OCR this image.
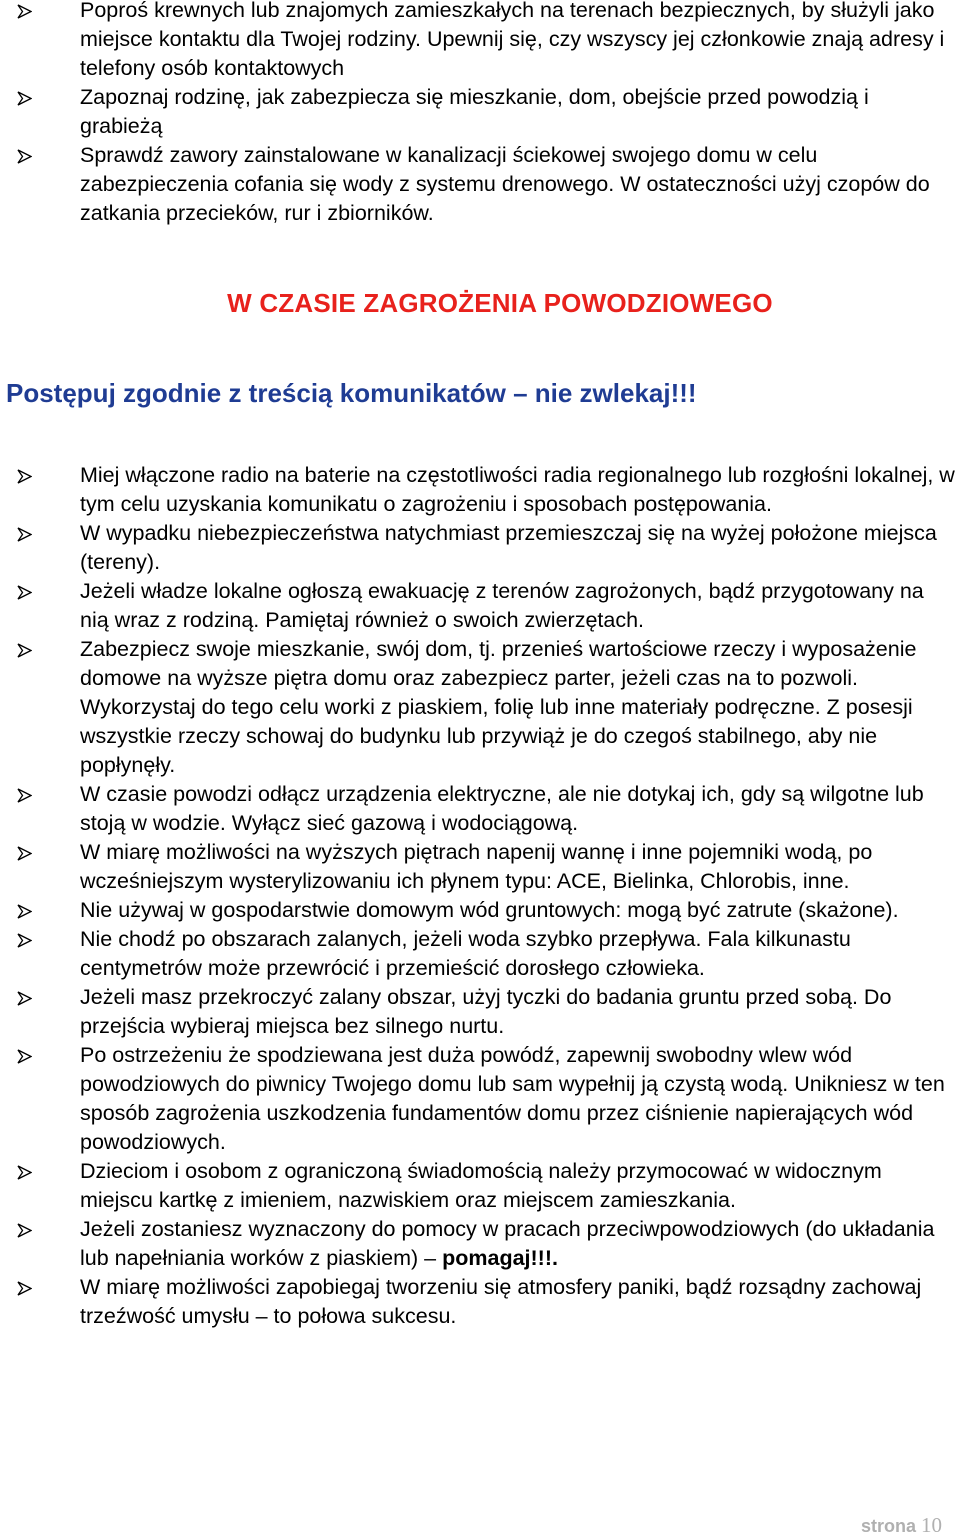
Poproś krewnych lub znajomych zamieszkałych na terenach bezpiecznych, by służyli jako miejsce kontaktu dla Twojej rodziny. Upewnij się, czy wszyscy jej członkowie znają adresy i telefony osób kontaktowych
Zapoznaj rodzinę, jak zabezpiecza się mieszkanie, dom, obejście przed powodzią i grabieżą
Sprawdź zawory zainstalowane w kanalizacji ściekowej swojego domu w celu zabezpieczenia cofania się wody z systemu drenowego. W ostateczności użyj czopów do zatkania przecieków, rur i zbiorników.
W CZASIE ZAGROŻENIA POWODZIOWEGO
Postępuj zgodnie z treścią komunikatów – nie zwlekaj!!!
Miej włączone radio na baterie na częstotliwości radia regionalnego lub rozgłośni lokalnej, w tym celu uzyskania komunikatu o zagrożeniu i sposobach postępowania.
W wypadku niebezpieczeństwa natychmiast przemieszczaj się na wyżej położone miejsca (tereny).
Jeżeli władze lokalne ogłoszą ewakuację z terenów zagrożonych, bądź przygotowany na nią wraz z rodziną. Pamiętaj również o swoich zwierzętach.
Zabezpiecz swoje mieszkanie, swój dom, tj. przenieś wartościowe rzeczy i wyposażenie domowe na wyższe piętra domu oraz zabezpiecz parter, jeżeli czas na to pozwoli. Wykorzystaj do tego celu worki z piaskiem, folię lub inne materiały podręczne. Z posesji wszystkie rzeczy schowaj do budynku lub przywiąż je do czegoś stabilnego, aby nie popłynęły.
W czasie powodzi odłącz urządzenia elektryczne, ale nie dotykaj ich, gdy są wilgotne lub stoją w wodzie. Wyłącz sieć gazową i wodociągową.
W miarę możliwości na wyższych piętrach napenij wannę i inne pojemniki wodą, po wcześniejszym wysterylizowaniu ich płynem typu: ACE, Bielinka, Chlorobis, inne.
Nie używaj w gospodarstwie domowym wód gruntowych: mogą być zatrute (skażone).
Nie chodź po obszarach zalanych, jeżeli woda szybko przepływa. Fala kilkunastu centymetrów może przewrócić i przemieścić dorosłego człowieka.
Jeżeli masz przekroczyć zalany obszar, użyj tyczki do badania gruntu przed sobą. Do przejścia wybieraj miejsca bez silnego nurtu.
Po ostrzeżeniu że spodziewana jest duża powódź, zapewnij swobodny wlew wód powodziowych do piwnicy Twojego domu lub sam wypełnij ją czystą wodą. Unikniesz w ten sposób zagrożenia uszkodzenia fundamentów domu przez ciśnienie napierających wód powodziowych.
Dzieciom i osobom z ograniczoną świadomością należy przymocować w widocznym miejscu kartkę z imieniem, nazwiskiem oraz miejscem zamieszkania.
Jeżeli zostaniesz wyznaczony do pomocy w pracach przeciwpowodziowych (do układania lub napełniania worków z piaskiem) – pomagaj!!!.
W miarę możliwości zapobiegaj tworzeniu się atmosfery paniki, bądź rozsądny zachowaj trzeźwość umysłu – to połowa sukcesu.
strona 10
